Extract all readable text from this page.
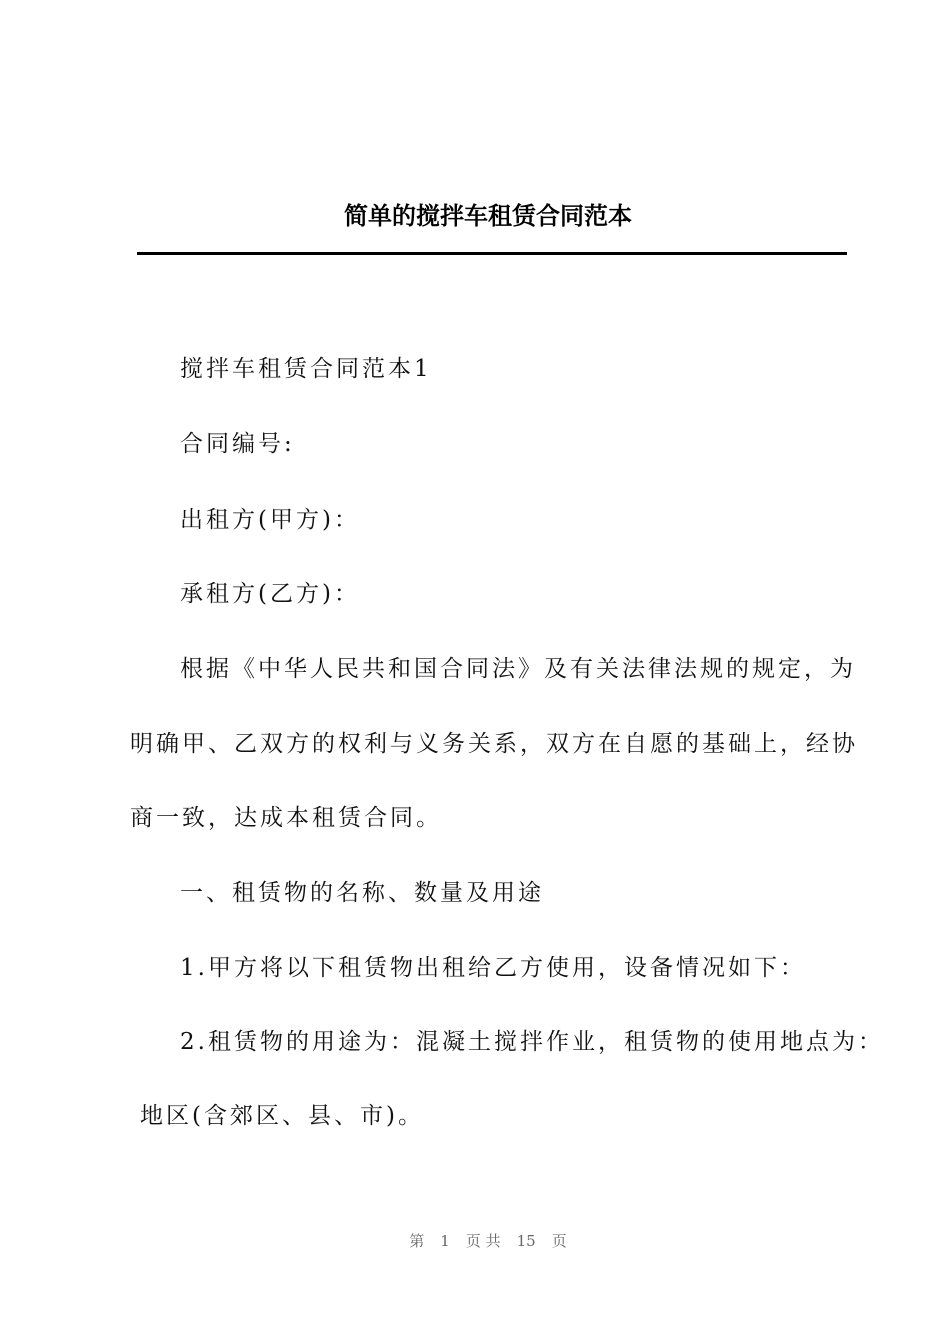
简单的搅拌车租赁合同范本
搅拌车租赁合同范本1
合同编号:
出租方(甲方)：
承租方(乙方)：
根据《中华人民共和国合同法》及有关法律法规的规定，为
明确甲、乙双方的权利与义务关系，双方在自愿的基础上，经协
商一致，达成本租赁合同。
一、租赁物的名称、数量及用途
1.甲方将以下租赁物出租给乙方使用，设备情况如下：
2.租赁物的用途为：混凝土搅拌作业，租赁物的使用地点为：
地区(含郊区、县、市)。
第 1 页 共 15 页
